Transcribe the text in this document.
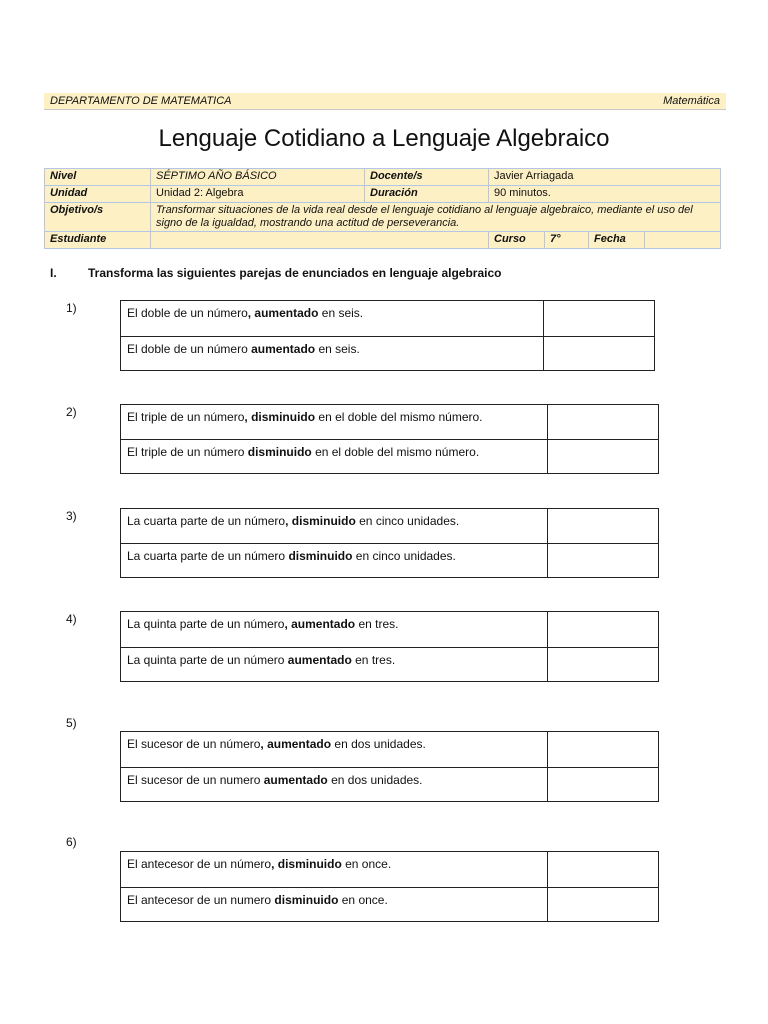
DEPARTAMENTO DE MATEMATICA	Matemática
Lenguaje Cotidiano a Lenguaje Algebraico
Nivel	SÉPTIMO AÑO BÁSICO	Docente/s	Javier Arriagada			
Unidad	Unidad 2: Algebra	Duración	90 minutos.			
Objetivo/s	Transformar situaciones de la vida real desde el lenguaje cotidiano al lenguaje algebraico, mediante el uso del signo de la igualdad, mostrando una actitud de perseverancia.					
Estudiante			Curso	7°	Fecha	
I.	Transforma las siguientes parejas de enunciados en lenguaje algebraico
1)	El doble de un número, aumentado en seis.
El doble de un número aumentado en seis.
2)	El triple de un número, disminuido en el doble del mismo número.
El triple de un número disminuido en el doble del mismo número.
3)	La cuarta parte de un número, disminuido en cinco unidades.
La cuarta parte de un número disminuido en cinco unidades.
4)	La quinta parte de un número, aumentado en tres.
La quinta parte de un número aumentado en tres.
5)
El sucesor de un número, aumentado en dos unidades.
El sucesor de un numero aumentado en dos unidades.
6)
El antecesor de un número, disminuido en once.
El antecesor de un numero disminuido en once.
